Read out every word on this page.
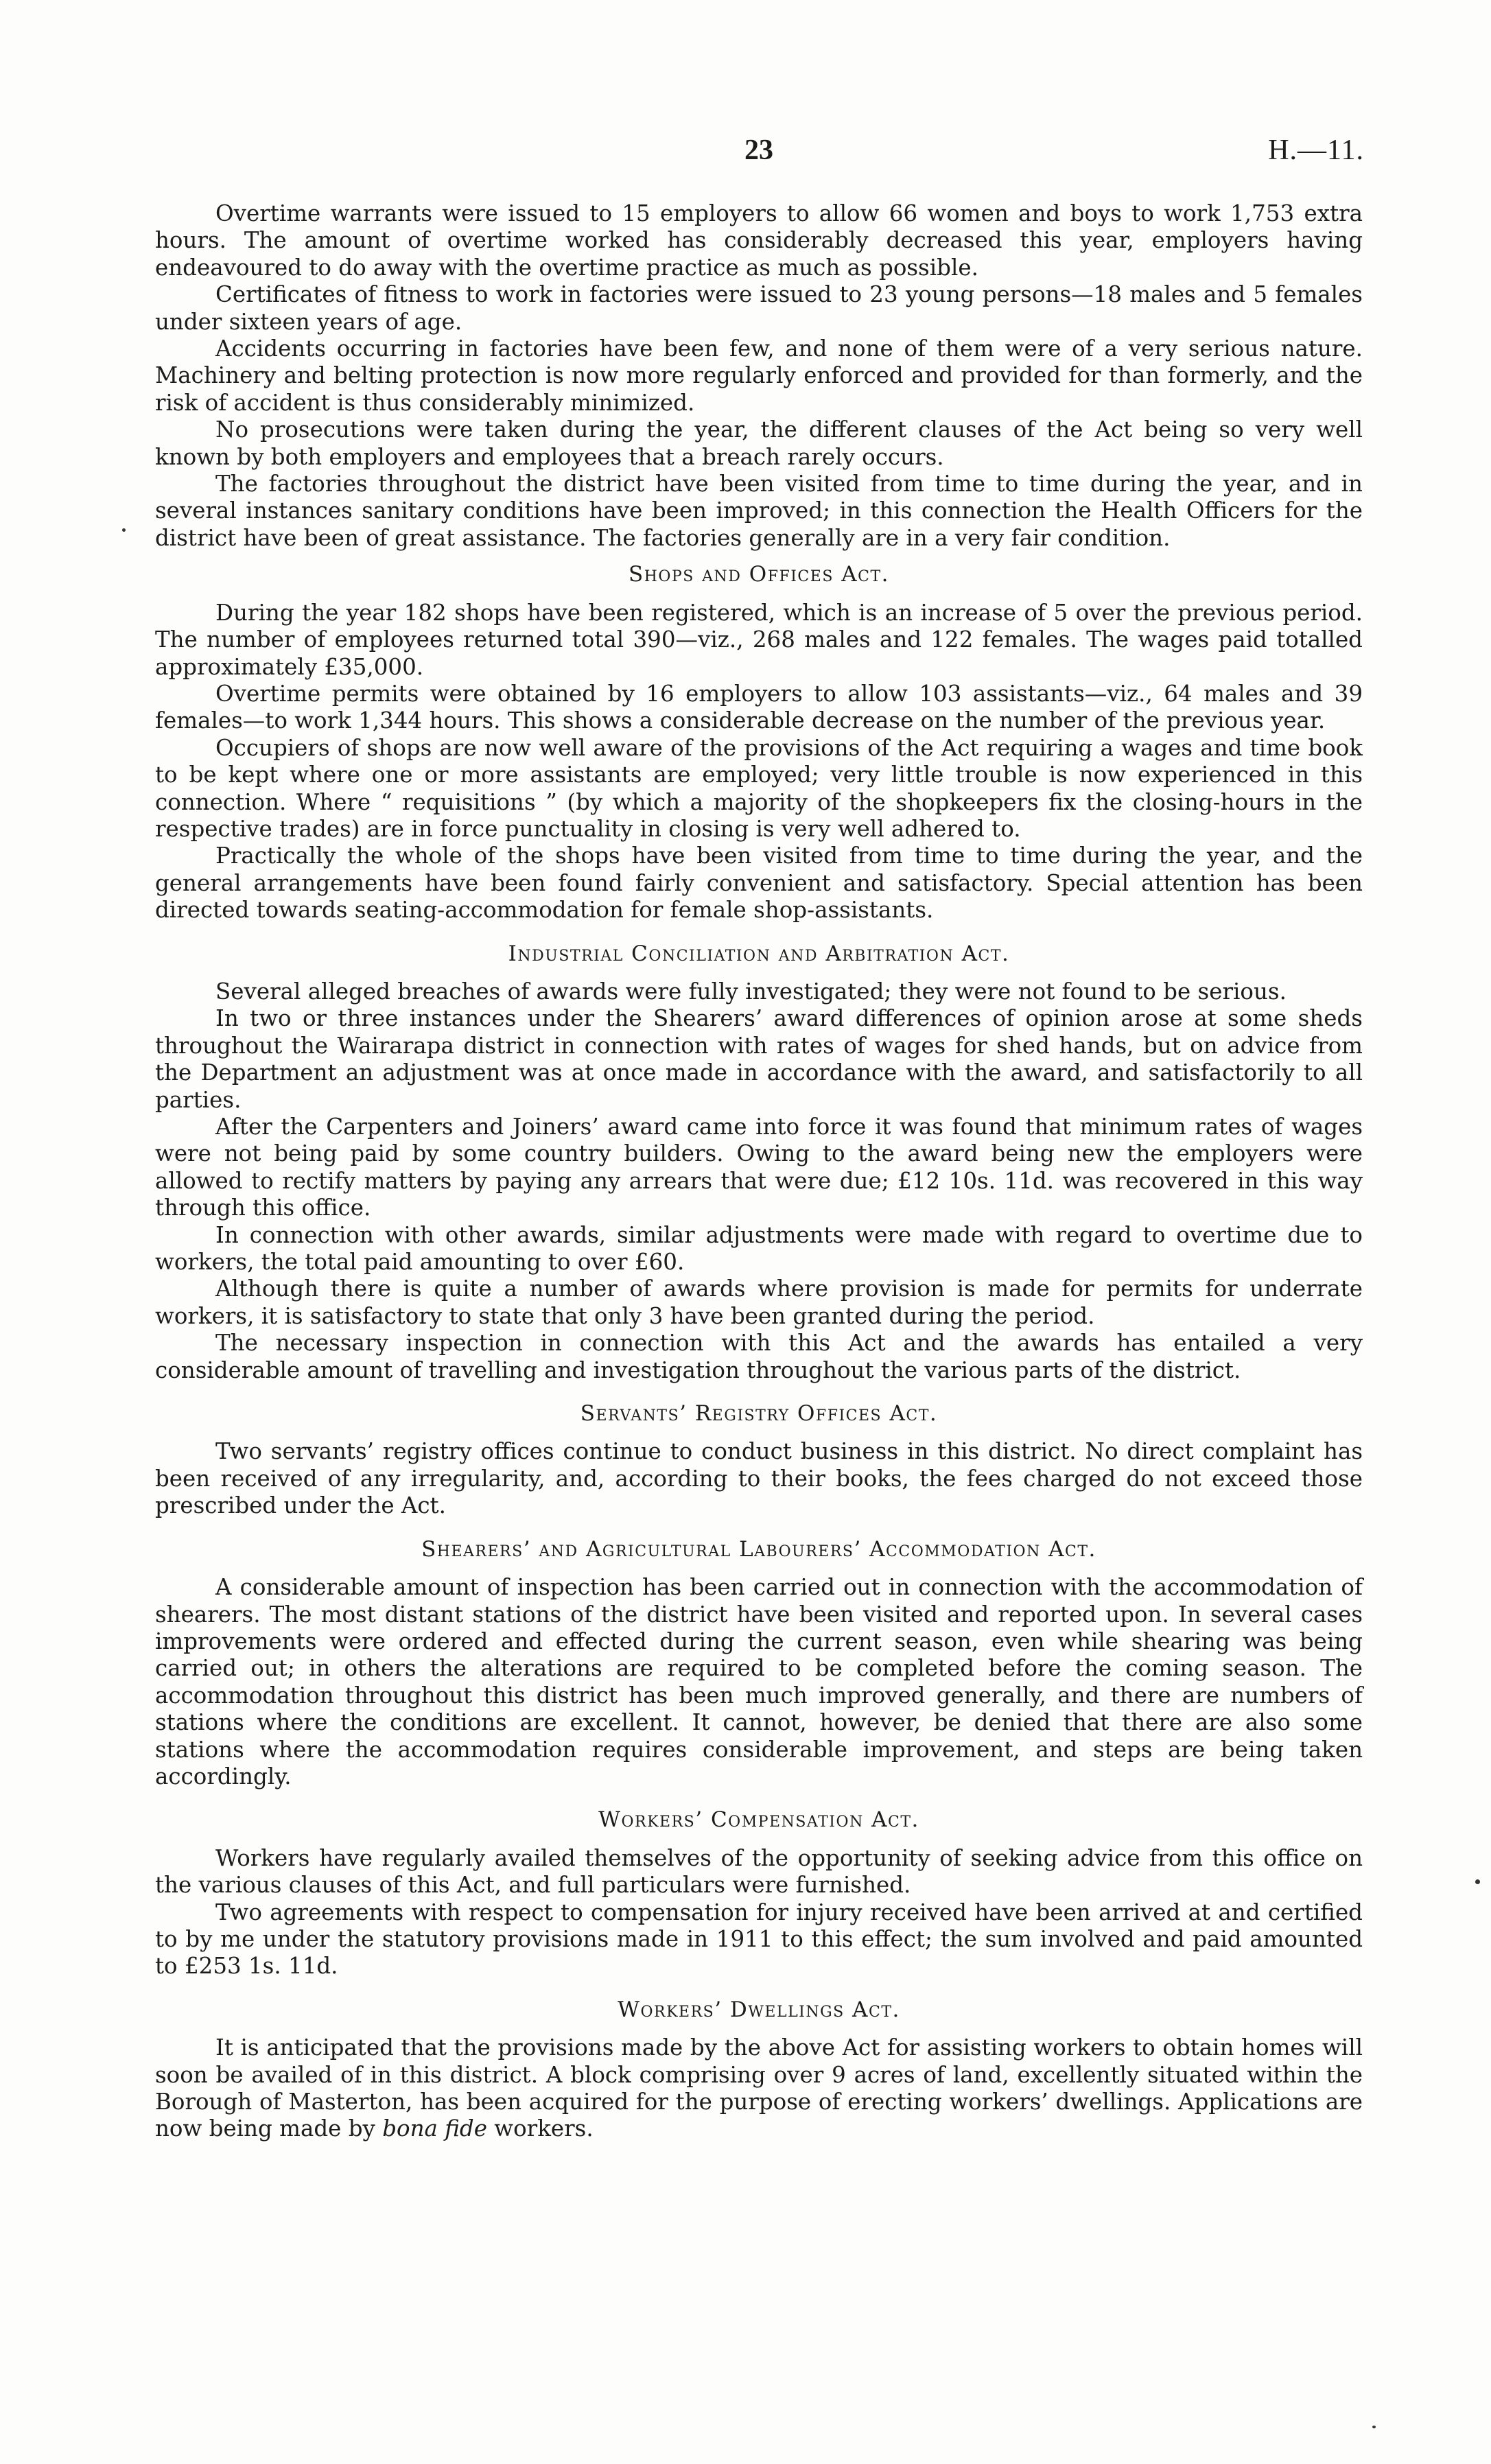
23	H.—11.

Overtime warrants were issued to 15 employers to allow 66 women and boys to work 1,753 extra hours. The amount of overtime worked has considerably decreased this year, employers having endeavoured to do away with the overtime practice as much as possible.

Certificates of fitness to work in factories were issued to 23 young persons—18 males and 5 females under sixteen years of age.

Accidents occurring in factories have been few, and none of them were of a very serious nature. Machinery and belting protection is now more regularly enforced and provided for than formerly, and the risk of accident is thus considerably minimized.

No prosecutions were taken during the year, the different clauses of the Act being so very well known by both employers and employees that a breach rarely occurs.

The factories throughout the district have been visited from time to time during the year, and in several instances sanitary conditions have been improved; in this connection the Health Officers for the district have been of great assistance. The factories generally are in a very fair condition.

Shops and Offices Act.

During the year 182 shops have been registered, which is an increase of 5 over the previous period. The number of employees returned total 390—viz., 268 males and 122 females. The wages paid totalled approximately £35,000.

Overtime permits were obtained by 16 employers to allow 103 assistants—viz., 64 males and 39 females—to work 1,344 hours. This shows a considerable decrease on the number of the previous year.

Occupiers of shops are now well aware of the provisions of the Act requiring a wages and time book to be kept where one or more assistants are employed; very little trouble is now experienced in this connection. Where “ requisitions ” (by which a majority of the shopkeepers fix the closing-hours in the respective trades) are in force punctuality in closing is very well adhered to.

Practically the whole of the shops have been visited from time to time during the year, and the general arrangements have been found fairly convenient and satisfactory. Special attention has been directed towards seating-accommodation for female shop-assistants.

Industrial Conciliation and Arbitration Act.

Several alleged breaches of awards were fully investigated; they were not found to be serious.

In two or three instances under the Shearers’ award differences of opinion arose at some sheds throughout the Wairarapa district in connection with rates of wages for shed hands, but on advice from the Department an adjustment was at once made in accordance with the award, and satisfactorily to all parties.

After the Carpenters and Joiners’ award came into force it was found that minimum rates of wages were not being paid by some country builders. Owing to the award being new the employers were allowed to rectify matters by paying any arrears that were due; £12 10s. 11d. was recovered in this way through this office.

In connection with other awards, similar adjustments were made with regard to overtime due to workers, the total paid amounting to over £60.

Although there is quite a number of awards where provision is made for permits for underrate workers, it is satisfactory to state that only 3 have been granted during the period.

The necessary inspection in connection with this Act and the awards has entailed a very considerable amount of travelling and investigation throughout the various parts of the district.

Servants’ Registry Offices Act.

Two servants’ registry offices continue to conduct business in this district. No direct complaint has been received of any irregularity, and, according to their books, the fees charged do not exceed those prescribed under the Act.

Shearers’ and Agricultural Labourers’ Accommodation Act.

A considerable amount of inspection has been carried out in connection with the accommodation of shearers. The most distant stations of the district have been visited and reported upon. In several cases improvements were ordered and effected during the current season, even while shearing was being carried out; in others the alterations are required to be completed before the coming season. The accommodation throughout this district has been much improved generally, and there are numbers of stations where the conditions are excellent. It cannot, however, be denied that there are also some stations where the accommodation requires considerable improvement, and steps are being taken accordingly.

Workers’ Compensation Act.

Workers have regularly availed themselves of the opportunity of seeking advice from this office on the various clauses of this Act, and full particulars were furnished.

Two agreements with respect to compensation for injury received have been arrived at and certified to by me under the statutory provisions made in 1911 to this effect; the sum involved and paid amounted to £253 1s. 11d.

Workers’ Dwellings Act.

It is anticipated that the provisions made by the above Act for assisting workers to obtain homes will soon be availed of in this district. A block comprising over 9 acres of land, excellently situated within the Borough of Masterton, has been acquired for the purpose of erecting workers’ dwellings. Applications are now being made by bona fide workers.
